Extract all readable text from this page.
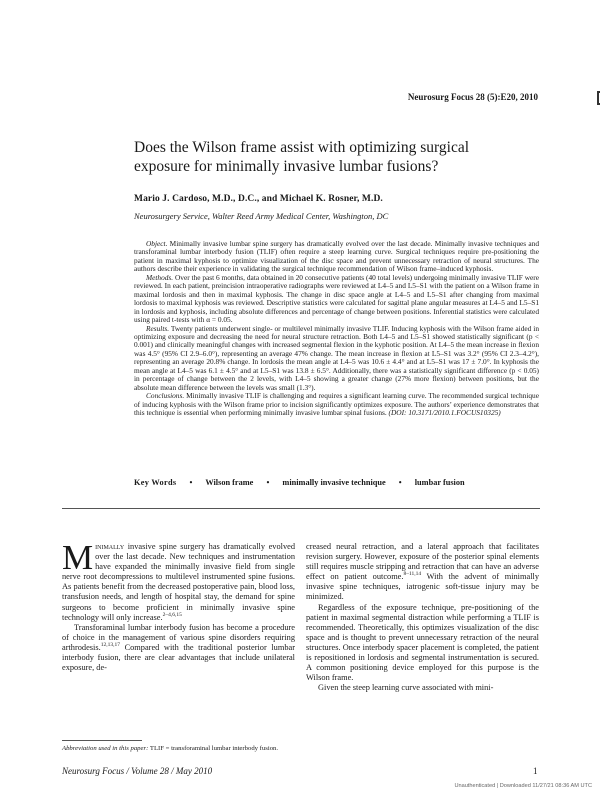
Neurosurg Focus 28 (5):E20, 2010
Does the Wilson frame assist with optimizing surgical
exposure for minimally invasive lumbar fusions?
Mario J. Cardoso, M.D., D.C., and Michael K. Rosner, M.D.
Neurosurgery Service, Walter Reed Army Medical Center, Washington, DC

Object. Minimally invasive lumbar spine surgery has dramatically evolved over the last decade. Minimally invasive techniques and transforaminal lumbar interbody fusion (TLIF) often require a steep learning curve. Surgical techniques require pre-positioning the patient in maximal kyphosis to optimize visualization of the disc space and prevent unnecessary retraction of neural structures. The authors describe their experience in validating the surgical technique recommendation of Wilson frame–induced kyphosis.

Methods. Over the past 6 months, data obtained in 20 consecutive patients (40 total levels) undergoing minimally invasive TLIF were reviewed. In each patient, preincision intraoperative radiographs were reviewed at L4–5 and L5–S1 with the patient on a Wilson frame in maximal lordosis and then in maximal kyphosis. The change in disc space angle at L4–5 and L5–S1 after changing from maximal lordosis to maximal kyphosis was reviewed. Descriptive statistics were calculated for sagittal plane angular measures at L4–5 and L5–S1 in lordosis and kyphosis, including absolute differences and percentage of change between positions. Inferential statistics were calculated using paired t-tests with α = 0.05.

Results. Twenty patients underwent single- or multilevel minimally invasive TLIF. Inducing kyphosis with the Wilson frame aided in optimizing exposure and decreasing the need for neural structure retraction. Both L4–5 and L5–S1 showed statistically significant (p < 0.001) and clinically meaningful changes with increased segmental flexion in the kyphotic position. At L4–5 the mean increase in flexion was 4.5° (95% CI 2.9–6.0°), representing an average 47% change. The mean increase in flexion at L5–S1 was 3.2° (95% CI 2.3–4.2°), representing an average 20.8% change. In lordosis the mean angle at L4–5 was 10.6 ± 4.4° and at L5–S1 was 17 ± 7.0°. In kyphosis the mean angle at L4–5 was 6.1 ± 4.5° and at L5–S1 was 13.8 ± 6.5°. Additionally, there was a statistically significant difference (p < 0.05) in percentage of change between the 2 levels, with L4–5 showing a greater change (27% more flexion) between positions, but the absolute mean difference between the levels was small (1.3°).

Conclusions. Minimally invasive TLIF is challenging and requires a significant learning curve. The recommended surgical technique of inducing kyphosis with the Wilson frame prior to incision significantly optimizes exposure. The authors’ experience demonstrates that this technique is essential when performing minimally invasive lumbar spinal fusions. (DOI: 10.3171/2010.1.FOCUS10325)

Key Words • Wilson frame • minimally invasive technique • lumbar fusion

Minimally invasive spine surgery has dramatically evolved over the last decade. New techniques and instrumentation have expanded the minimally invasive field from single nerve root decompressions to multilevel instrumented spine fusions. As patients benefit from the decreased postoperative pain, blood loss, transfusion needs, and length of hospital stay, the demand for spine surgeons to become proficient in minimally invasive spine technology will only increase.$^{2-4,6,15}$

Transforaminal lumbar interbody fusion has become a procedure of choice in the management of various spine disorders requiring arthrodesis.$^{12,13,17}$ Compared with the traditional posterior lumbar interbody fusion, there are clear advantages that include unilateral exposure, de-

creased neural retraction, and a lateral approach that facilitates revision surgery. However, exposure of the posterior spinal elements still requires muscle stripping and retraction that can have an adverse effect on patient outcome.$^{8-11,14}$ With the advent of minimally invasive spine techniques, iatrogenic soft-tissue injury may be minimized.

Regardless of the exposure technique, pre-positioning of the patient in maximal segmental distraction while performing a TLIF is recommended. Theoretically, this optimizes visualization of the disc space and is thought to prevent unnecessary retraction of the neural structures. Once interbody spacer placement is completed, the patient is repositioned in lordosis and segmental instrumentation is secured. A common positioning device employed for this purpose is the Wilson frame.

Given the steep learning curve associated with mini-

Abbreviation used in this paper: TLIF = transforaminal lumbar interbody fusion.
Neurosurg Focus / Volume 28 / May 2010	1
Unauthenticated | Downloaded 11/27/21 08:36 AM UTC
